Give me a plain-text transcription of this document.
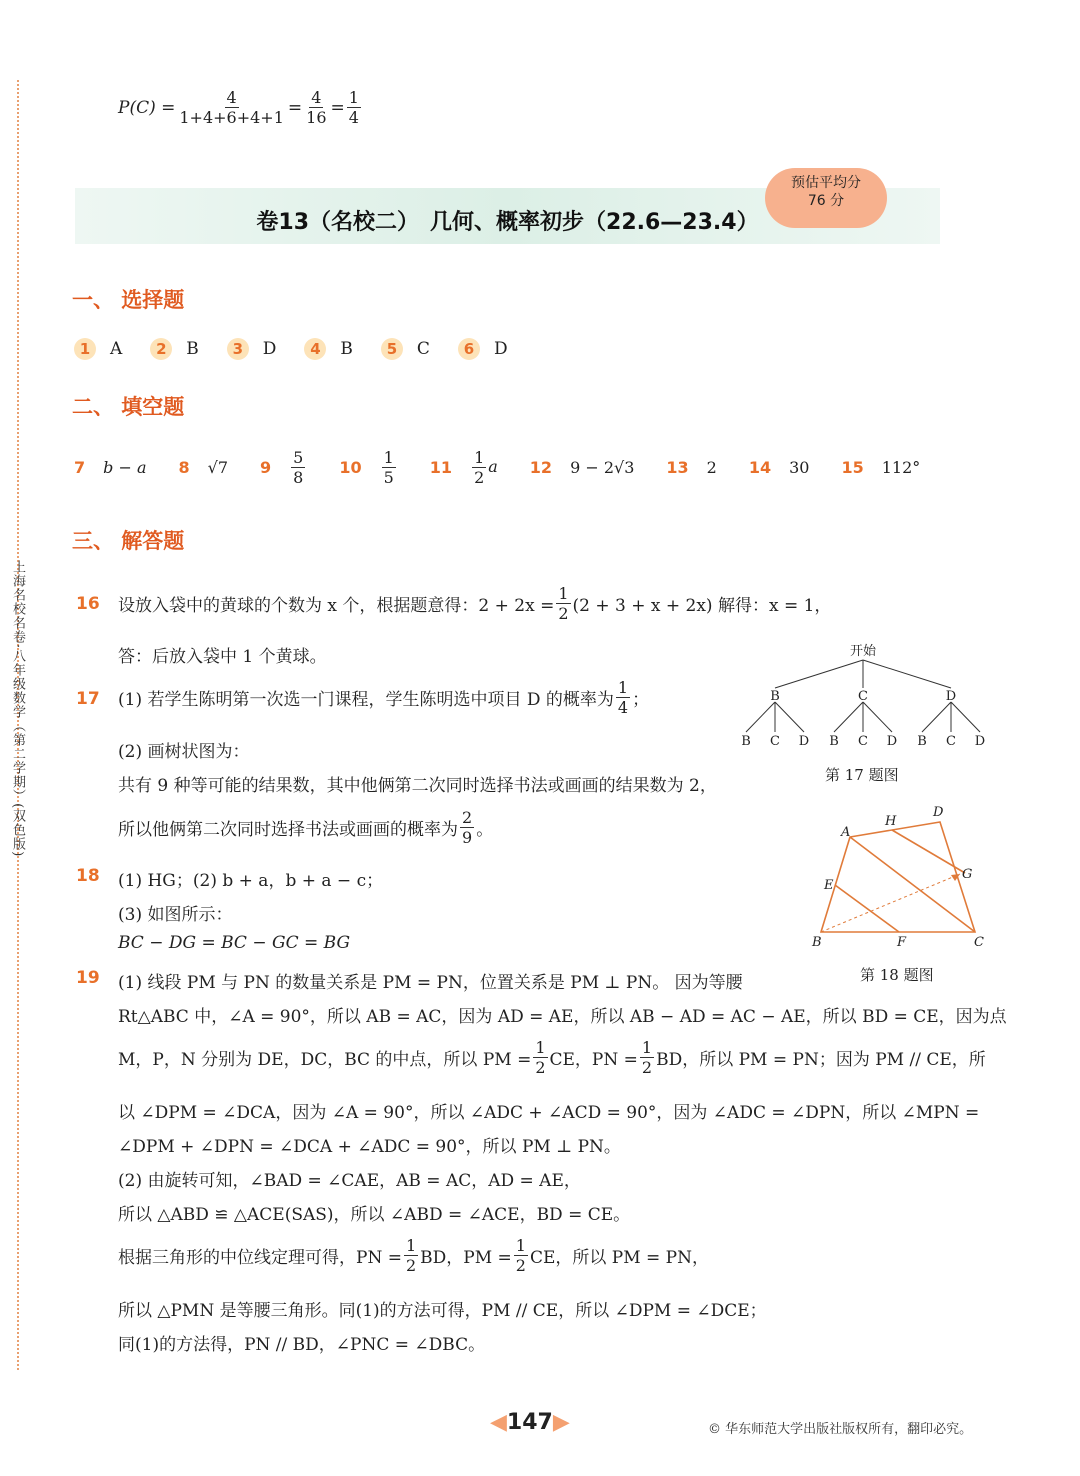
上海名校名卷·八年级数学（第二学期）(双色版)
$P(C) = \frac{4}{1+4+6+4+1} = \frac{4}{16} = \frac{1}{4}$
卷13（名校二）　几何、概率初步（22.6—23.4）
预估平均分
76 分
一、 选择题
1	A	2	B	3	D	4	B	5	C	6	D
二、 填空题
7 b − a 8 √7 $9 \frac{5}{8} 10 \frac{1}{5} 11 \frac{1}{2}$ a 12 9 − 2√3 13 2 14 30 15 112°
三、 解答题
16 设放入袋中的黄球的个数为 x 个，根据题意得：$2 + 2x = \frac{1}{2} (2 + 3 + x + 2x)$ 解得：x = 1，
答：后放入袋中 1 个黄球。
17 (1) 若学生陈明第一次选一门课程，学生陈明选中项目 D 的概率为 $\frac{1}{4}$ ；
(2) 画树状图为：
共有 9 种等可能的结果数，其中他俩第二次同时选择书法或画画的结果数为 2，
所以他俩第二次同时选择书法或画画的概率为 $\frac{2}{9}$ 。
开始
B	C	D
B C D B C D B C D
第 17 题图
18 (1) HG；(2) b + a，b + a − c；
(3) 如图所示：
BC − DG = BC − GC = BG
A
H
D
E
G
B	F	C
第 18 题图
19 (1) 线段 PM 与 PN 的数量关系是 PM = PN，位置关系是 PM ⊥ PN。 因为等腰
Rt△ABC 中，∠A = 90°，所以 AB = AC，因为 AD = AE，所以 AB − AD = AC − AE，所以 BD = CE，因为点
M，P，N 分别为 DE，DC，BC 的中点，所以 PM = $\frac{1}{2}$ CE，PN = $\frac{1}{2}$ BD，所以 PM = PN；因为 PM // CE，所
以 ∠DPM = ∠DCA，因为 ∠A = 90°，所以 ∠ADC + ∠ACD = 90°，因为 ∠ADC = ∠DPN，所以 ∠MPN =
∠DPM + ∠DPN = ∠DCA + ∠ADC = 90°，所以 PM ⊥ PN。
(2) 由旋转可知，∠BAD = ∠CAE，AB = AC，AD = AE，
所以 △ABD ≌ △ACE(SAS)，所以 ∠ABD = ∠ACE，BD = CE。
根据三角形的中位线定理可得，PN = $\frac{1}{2}$ BD，PM = $\frac{1}{2}$ CE，所以 PM = PN，
所以 △PMN 是等腰三角形。同(1)的方法可得，PM // CE，所以 ∠DPM = ∠DCE；
同(1)的方法得，PN // BD，∠PNC = ∠DBC。
◀147▶	© 华东师范大学出版社版权所有，翻印必究。
